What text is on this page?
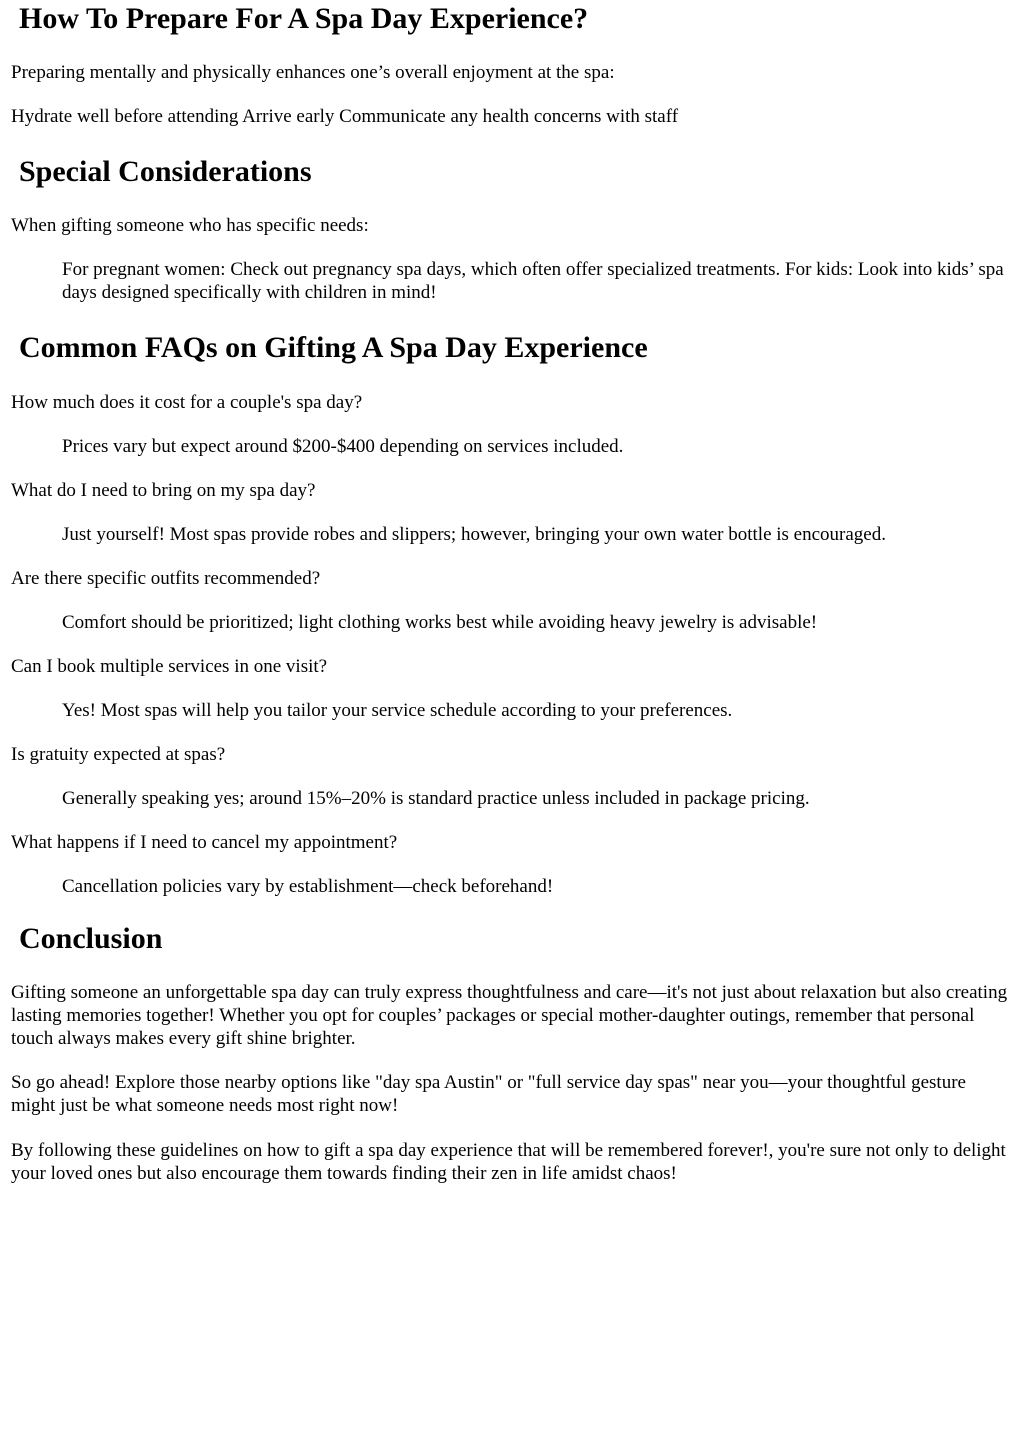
How To Prepare For A Spa Day Experience?

Preparing mentally and physically enhances one’s overall enjoyment at the spa:

Hydrate well before attending Arrive early Communicate any health concerns with staff

Special Considerations

When gifting someone who has specific needs:

For pregnant women: Check out pregnancy spa days, which often offer specialized treatments. For kids: Look into kids’ spa days designed specifically with children in mind!
Common FAQs on Gifting A Spa Day Experience

How much does it cost for a couple's spa day?

Prices vary but expect around $200-$400 depending on services included.

What do I need to bring on my spa day?

Just yourself! Most spas provide robes and slippers; however, bringing your own water bottle is encouraged.

Are there specific outfits recommended?

Comfort should be prioritized; light clothing works best while avoiding heavy jewelry is advisable!

Can I book multiple services in one visit?

Yes! Most spas will help you tailor your service schedule according to your preferences.

Is gratuity expected at spas?

Generally speaking yes; around 15%–20% is standard practice unless included in package pricing.

What happens if I need to cancel my appointment?

Cancellation policies vary by establishment—check beforehand!
Conclusion

Gifting someone an unforgettable spa day can truly express thoughtfulness and care—it's not just about relaxation but also creating lasting memories together! Whether you opt for couples’ packages or special mother-daughter outings, remember that personal touch always makes every gift shine brighter.

So go ahead! Explore those nearby options like "day spa Austin" or "full service day spas" near you—your thoughtful gesture might just be what someone needs most right now!

By following these guidelines on how to gift a spa day experience that will be remembered forever!, you're sure not only to delight your loved ones but also encourage them towards finding their zen in life amidst chaos!
